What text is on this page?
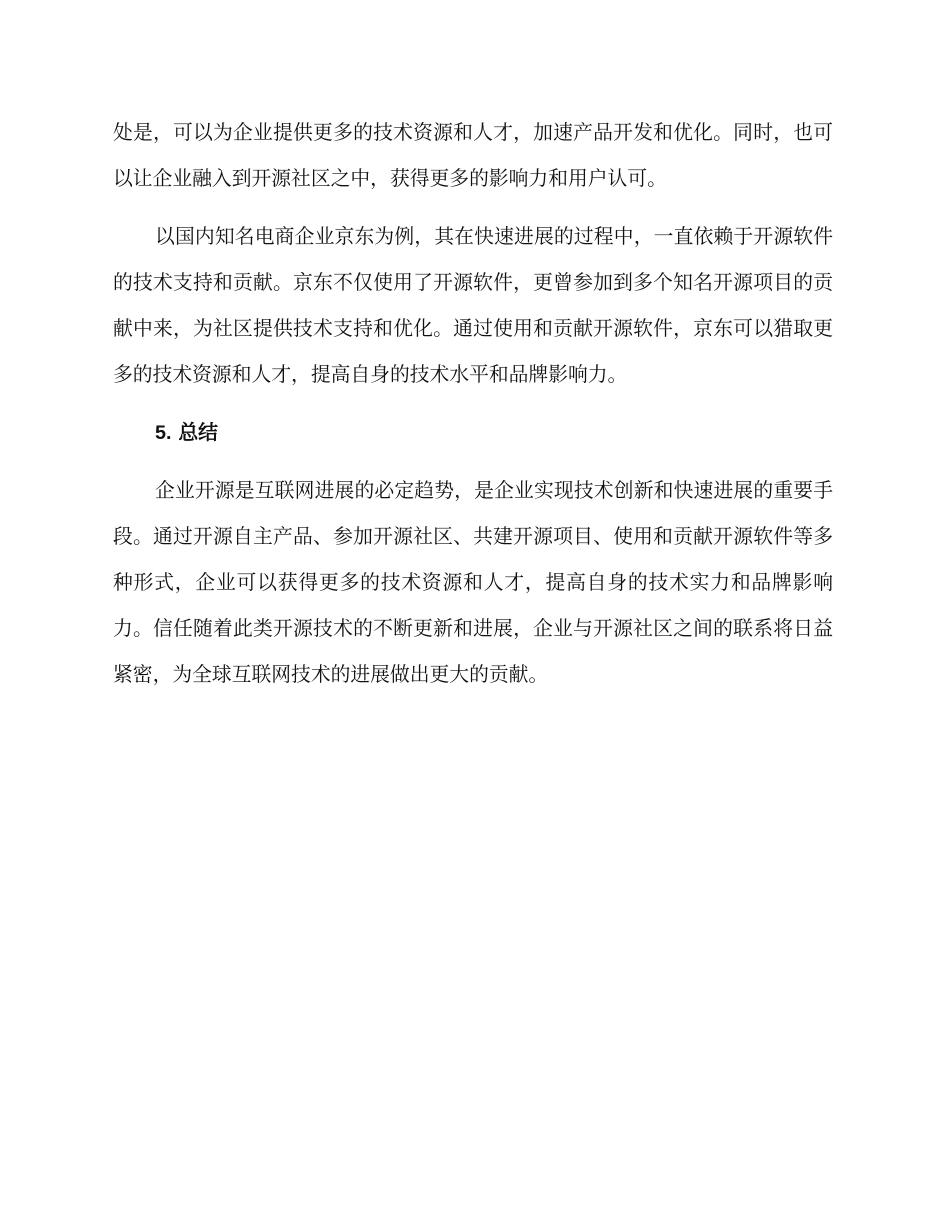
处是，可以为企业提供更多的技术资源和人才，加速产品开发和优化。同时，也可以让企业融入到开源社区之中，获得更多的影响力和用户认可。

以国内知名电商企业京东为例，其在快速进展的过程中，一直依赖于开源软件的技术支持和贡献。京东不仅使用了开源软件，更曾参加到多个知名开源项目的贡献中来，为社区提供技术支持和优化。通过使用和贡献开源软件，京东可以猎取更多的技术资源和人才，提高自身的技术水平和品牌影响力。

5. 总结

企业开源是互联网进展的必定趋势，是企业实现技术创新和快速进展的重要手段。通过开源自主产品、参加开源社区、共建开源项目、使用和贡献开源软件等多种形式，企业可以获得更多的技术资源和人才，提高自身的技术实力和品牌影响力。信任随着此类开源技术的不断更新和进展，企业与开源社区之间的联系将日益紧密，为全球互联网技术的进展做出更大的贡献。
